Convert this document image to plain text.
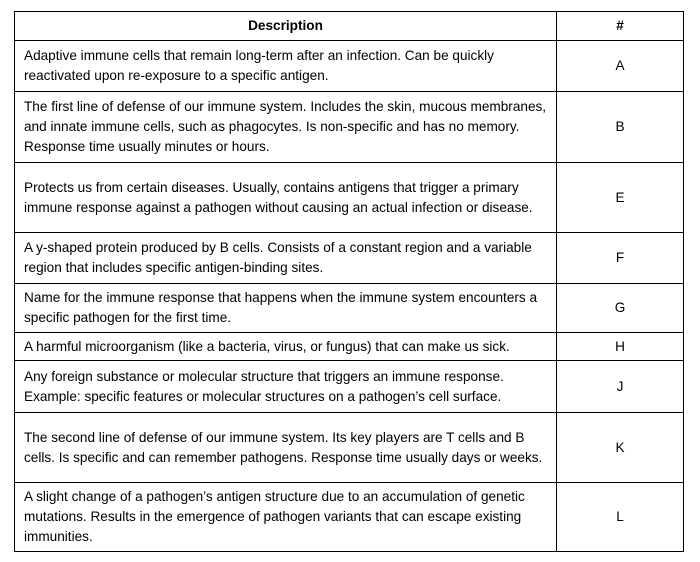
Description	#
Adaptive immune cells that remain long-term after an infection. Can be quickly reactivated upon re-exposure to a specific antigen.	A
The first line of defense of our immune system. Includes the skin, mucous membranes, and innate immune cells, such as phagocytes. Is non-specific and has no memory. Response time usually minutes or hours.	B
Protects us from certain diseases. Usually, contains antigens that trigger a primary immune response against a pathogen without causing an actual infection or disease.	E
A y-shaped protein produced by B cells. Consists of a constant region and a variable region that includes specific antigen-binding sites.	F
Name for the immune response that happens when the immune system encounters a specific pathogen for the first time.	G
A harmful microorganism (like a bacteria, virus, or fungus) that can make us sick.	H
Any foreign substance or molecular structure that triggers an immune response. Example: specific features or molecular structures on a pathogen’s cell surface.	J
The second line of defense of our immune system. Its key players are T cells and B cells. Is specific and can remember pathogens. Response time usually days or weeks.	K
A slight change of a pathogen’s antigen structure due to an accumulation of genetic mutations. Results in the emergence of pathogen variants that can escape existing immunities.	L
